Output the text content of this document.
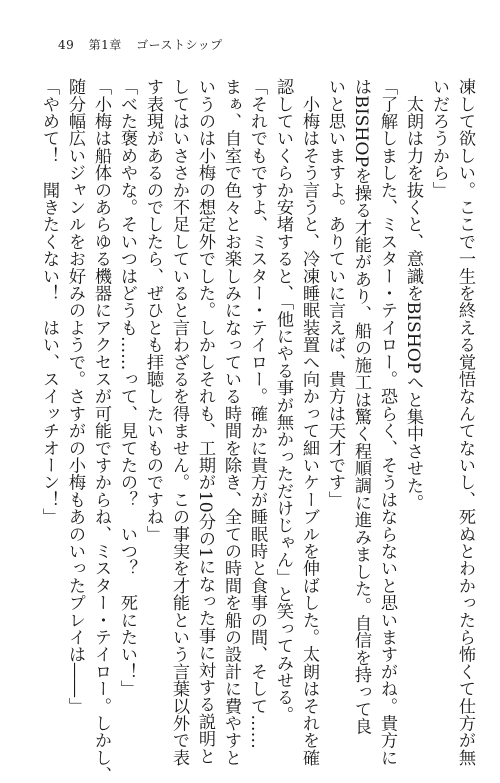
49 第1章 ゴーストシップ

凍して欲しい。ここで一生を終える覚悟なんてないし、死ぬとわかったら怖くて仕方が無

いだろうから」

　太朗は力を抜くと、意識をBISHOPへと集中させた。

「了解しました、ミスター・テイロー。恐らく、そうはならないと思いますがね。貴方に

はBISHOPを操る才能があり、船の施工は驚く程順調に進みました。自信を持って良

いと思いますよ。ありていに言えば、貴方は天才です」

　小梅はそう言うと、冷凍睡眠装置へ向かって細いケーブルを伸ばした。太朗はそれを確

認していくらか安堵すると、「他にやる事が無かっただけじゃん」と笑ってみせる。

「それでもですよ、ミスター・テイロー。確かに貴方が睡眠時と食事の間、そして……

まぁ、自室で色々とお楽しみになっている時間を除き、全ての時間を船の設計に費やすと

いうのは小梅の想定外でした。しかしそれも、工期が10分の1になった事に対する説明と

してはいささか不足していると言わざるを得ません。この事実を才能という言葉以外で表

す表現があるのでしたら、ぜひとも拝聴したいものですね」

「べた褒めやな。そいつはどうも……って、見てたの？　いつ？　死にたい！」

「小梅は船体のあらゆる機器にアクセスが可能ですからね、ミスター・テイロー。しかし、

随分幅広いジャンルをお好みのようで。さすがの小梅もあのいったプレイは――」

「やめて！　聞きたくない！　はい、スイッチオーン！」
